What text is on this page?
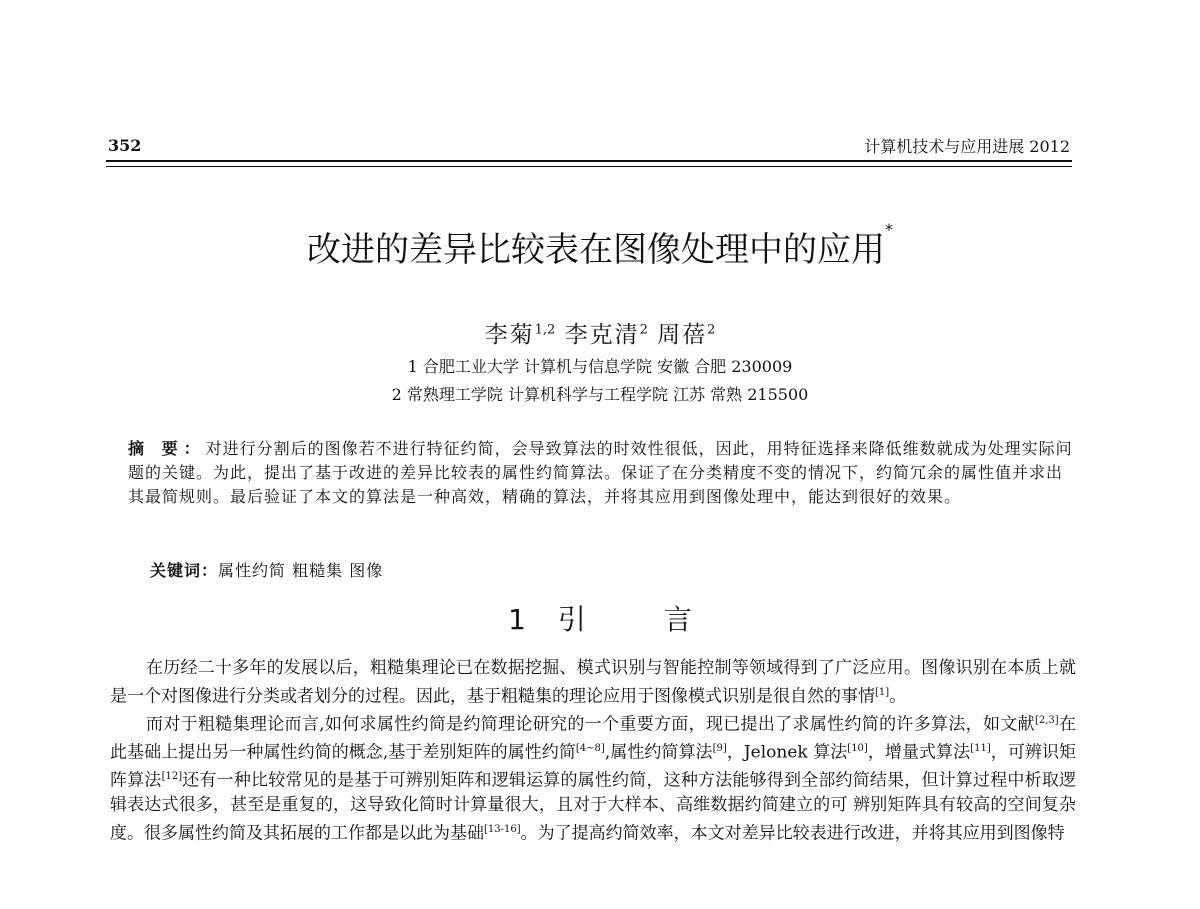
352	计算机技术与应用进展 2012
改进的差异比较表在图像处理中的应用*
李菊$^{1,2}$ 李克清$^2$ 周蓓$^2$
1 合肥工业大学 计算机与信息学院 安徽 合肥 230009
2 常熟理工学院 计算机科学与工程学院 江苏 常熟 215500
摘 要：对进行分割后的图像若不进行特征约简，会导致算法的时效性很低，因此，用特征选择来降低维数就成为处理实际问题的关键。为此，提出了基于改进的差异比较表的属性约简算法。保证了在分类精度不变的情况下，约简冗余的属性值并求出其最简规则。最后验证了本文的算法是一种高效，精确的算法，并将其应用到图像处理中，能达到很好的效果。
关键词：属性约简 粗糙集 图像
1 引	言

在历经二十多年的发展以后，粗糙集理论已在数据挖掘、模式识别与智能控制等领域得到了广泛应用。图像识别在本质上就是一个对图像进行分类或者划分的过程。因此，基于粗糙集的理论应用于图像模式识别是很自然的事情[1]。

而对于粗糙集理论而言,如何求属性约简是约简理论研究的一个重要方面，现已提出了求属性约简的许多算法，如文献[2,3]在此基础上提出另一种属性约简的概念,基于差别矩阵的属性约简[4~8],属性约简算法[9]，Jelonek 算法[10]，增量式算法[11]，可辨识矩阵算法[12]还有一种比较常见的是基于可辨别矩阵和逻辑运算的属性约简，这种方法能够得到全部约简结果，但计算过程中析取逻辑表达式很多，甚至是重复的，这导致化简时计算量很大，且对于大样本、高维数据约简建立的可 辨别矩阵具有较高的空间复杂度。很多属性约简及其拓展的工作都是以此为基础[13-16]。为了提高约简效率，本文对差异比较表进行改进，并将其应用到图像特
